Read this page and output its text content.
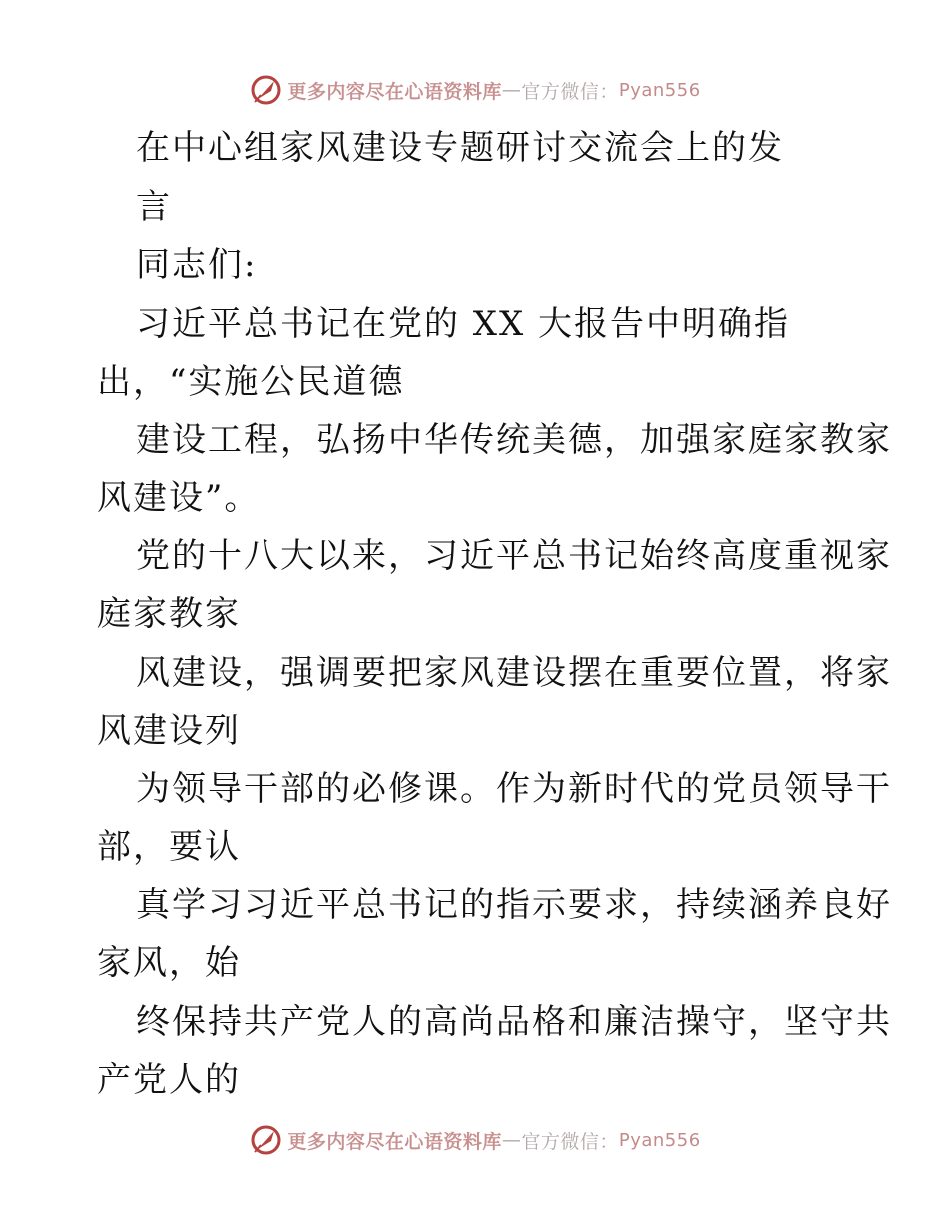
更多内容尽在心语资料库 — 官方微信： Pyan556
在中心组家风建设专题研讨交流会上的发
言
同志们:
习近平总书记在党的 XX 大报告中明确指
出，“实施公民道德
建设工程，弘扬中华传统美德，加强家庭家教家
风建设”。
党的十八大以来，习近平总书记始终高度重视家
庭家教家
风建设，强调要把家风建设摆在重要位置，将家
风建设列
为领导干部的必修课。作为新时代的党员领导干
部，要认
真学习习近平总书记的指示要求，持续涵养良好
家风，始
终保持共产党人的高尚品格和廉洁操守，坚守共
产党人的
更多内容尽在心语资料库 — 官方微信： Pyan556
